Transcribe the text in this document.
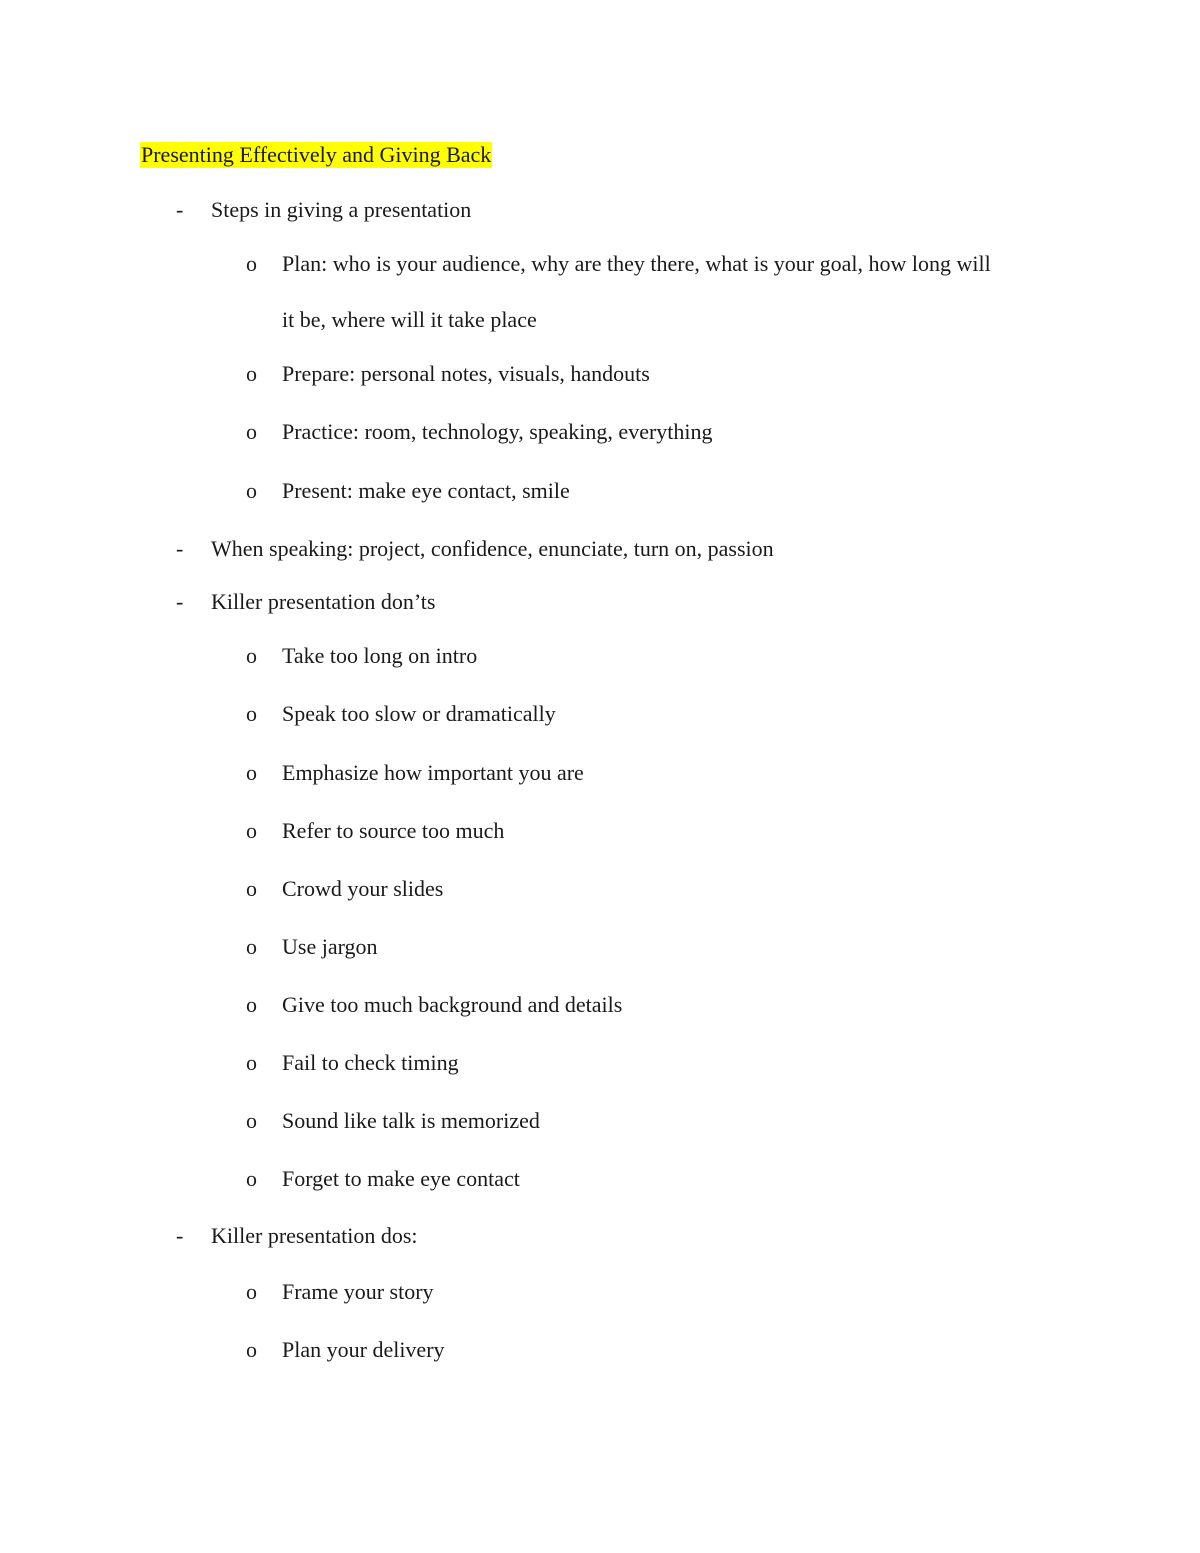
Presenting Effectively and Giving Back
- Steps in giving a presentation
o Plan: who is your audience, why are they there, what is your goal, how long will
it be, where will it take place
o Prepare: personal notes, visuals, handouts
o Practice: room, technology, speaking, everything
o Present: make eye contact, smile
- When speaking: project, confidence, enunciate, turn on, passion
- Killer presentation don’ts
o Take too long on intro
o Speak too slow or dramatically
o Emphasize how important you are
o Refer to source too much
o Crowd your slides
o Use jargon
o Give too much background and details
o Fail to check timing
o Sound like talk is memorized
o Forget to make eye contact
- Killer presentation dos:
o Frame your story
o Plan your delivery
